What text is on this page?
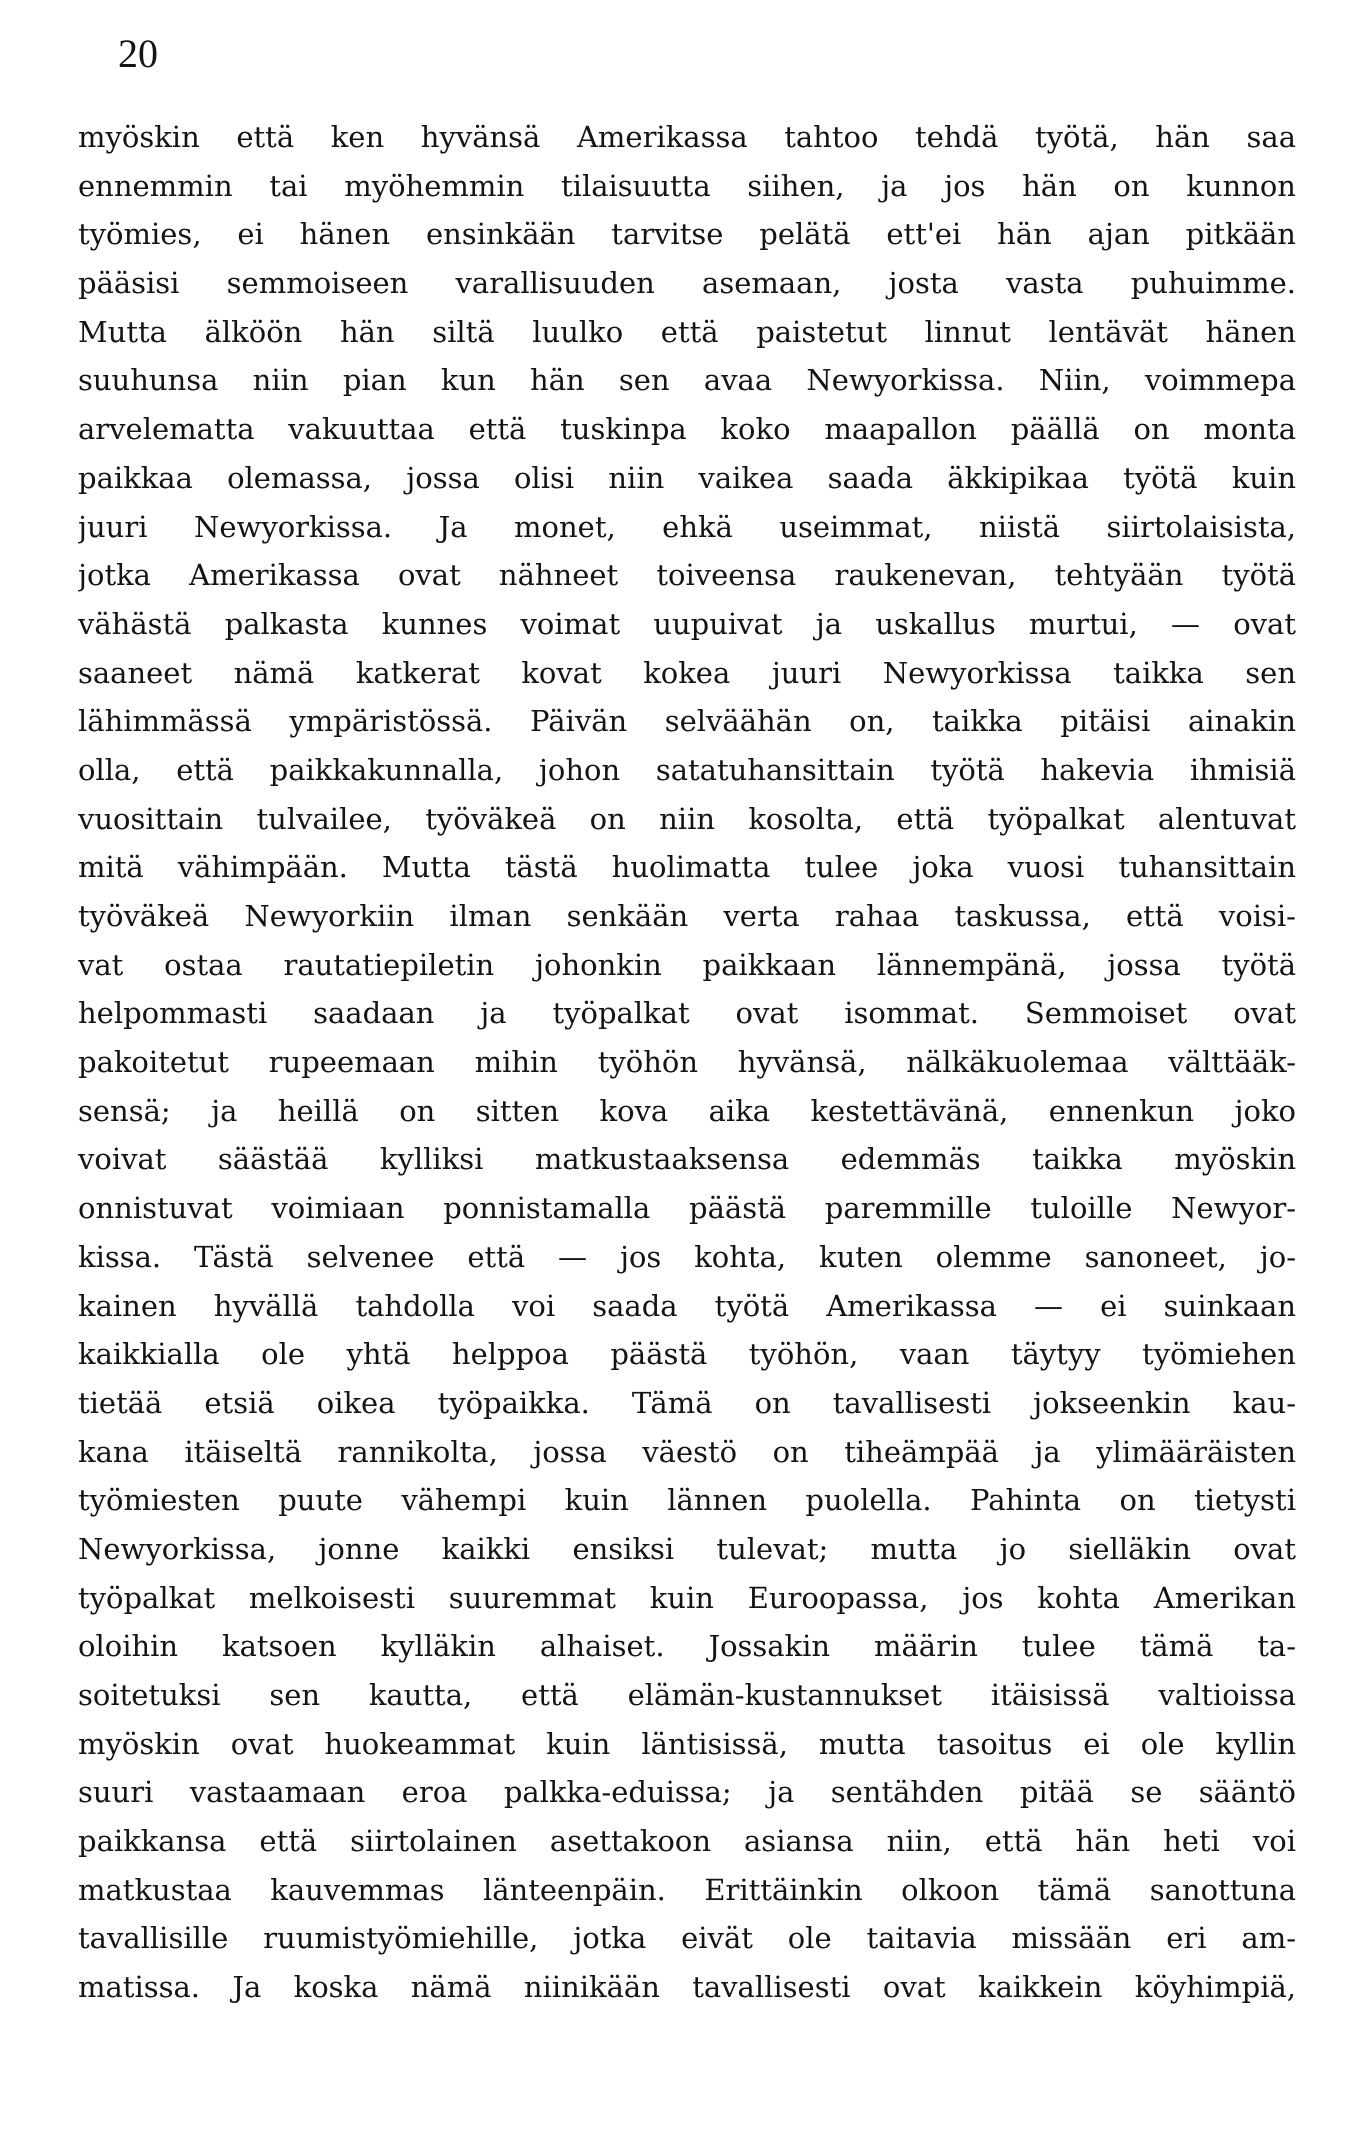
20
myöskin että ken hyvänsä Amerikassa tahtoo tehdä työtä, hän saa
ennemmin tai myöhemmin tilaisuutta siihen, ja jos hän on kunnon
työmies, ei hänen ensinkään tarvitse pelätä ett'ei hän ajan pitkään
pääsisi semmoiseen varallisuuden asemaan, josta vasta puhuimme.
Mutta älköön hän siltä luulko että paistetut linnut lentävät hänen
suuhunsa niin pian kun hän sen avaa Newyorkissa. Niin, voimmepa
arvelematta vakuuttaa että tuskinpa koko maapallon päällä on monta
paikkaa olemassa, jossa olisi niin vaikea saada äkkipikaa työtä kuin
juuri Newyorkissa. Ja monet, ehkä useimmat, niistä siirtolaisista,
jotka Amerikassa ovat nähneet toiveensa raukenevan, tehtyään työtä
vähästä palkasta kunnes voimat uupuivat ja uskallus murtui, — ovat
saaneet nämä katkerat kovat kokea juuri Newyorkissa taikka sen
lähimmässä ympäristössä. Päivän selväähän on, taikka pitäisi ainakin
olla, että paikkakunnalla, johon satatuhansittain työtä hakevia ihmisiä
vuosittain tulvailee, työväkeä on niin kosolta, että työpalkat alentuvat
mitä vähimpään. Mutta tästä huolimatta tulee joka vuosi tuhansittain
työväkeä Newyorkiin ilman senkään verta rahaa taskussa, että voisi-
vat ostaa rautatiepiletin johonkin paikkaan lännempänä, jossa työtä
helpommasti saadaan ja työpalkat ovat isommat. Semmoiset ovat
pakoitetut rupeemaan mihin työhön hyvänsä, nälkäkuolemaa välttääk-
sensä; ja heillä on sitten kova aika kestettävänä, ennenkun joko
voivat säästää kylliksi matkustaaksensa edemmäs taikka myöskin
onnistuvat voimiaan ponnistamalla päästä paremmille tuloille Newyor-
kissa. Tästä selvenee että — jos kohta, kuten olemme sanoneet, jo-
kainen hyvällä tahdolla voi saada työtä Amerikassa — ei suinkaan
kaikkialla ole yhtä helppoa päästä työhön, vaan täytyy työmiehen
tietää etsiä oikea työpaikka. Tämä on tavallisesti jokseenkin kau-
kana itäiseltä rannikolta, jossa väestö on tiheämpää ja ylimääräisten
työmiesten puute vähempi kuin lännen puolella. Pahinta on tietysti
Newyorkissa, jonne kaikki ensiksi tulevat; mutta jo sielläkin ovat
työpalkat melkoisesti suuremmat kuin Euroopassa, jos kohta Amerikan
oloihin katsoen kylläkin alhaiset. Jossakin määrin tulee tämä ta-
soitetuksi sen kautta, että elämän-kustannukset itäisissä valtioissa
myöskin ovat huokeammat kuin läntisissä, mutta tasoitus ei ole kyllin
suuri vastaamaan eroa palkka-eduissa; ja sentähden pitää se sääntö
paikkansa että siirtolainen asettakoon asiansa niin, että hän heti voi
matkustaa kauvemmas länteenpäin. Erittäinkin olkoon tämä sanottuna
tavallisille ruumistyömiehille, jotka eivät ole taitavia missään eri am-
matissa. Ja koska nämä niinikään tavallisesti ovat kaikkein köyhimpiä,
